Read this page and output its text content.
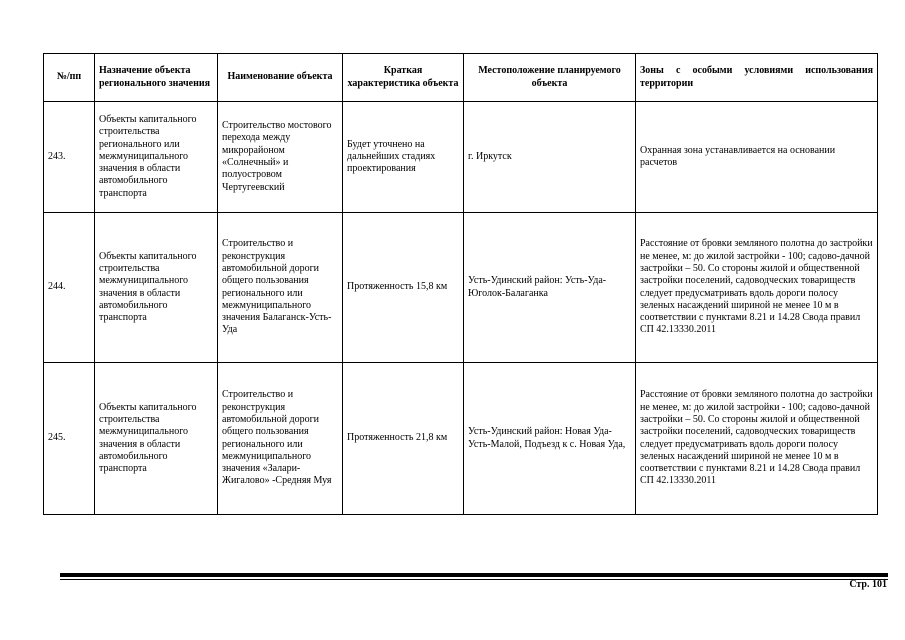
№/пп	Назначение объекта регионального значения	Наименование объекта	Краткая характеристика объекта	Местоположение планируемого объекта	Зоны с особыми условиями использования территории
243.	Объекты капитального строительства регионального или межмуниципального значения в области автомобильного транспорта	Строительство мостового перехода между микрорайоном «Солнечный» и полуостровом Чертугеевский	Будет уточнено на дальнейших стадиях проектирования	г. Иркутск	Охранная зона устанавливается на основании расчетов
244.	Объекты капитального строительства межмуниципального значения в области автомобильного транспорта	Строительство и реконструкция автомобильной дороги общего пользования регионального или межмуниципального значения Балаганск-Усть-Уда	Протяженность 15,8 км	Усть-Удинский район: Усть-Уда-Юголок-Балаганка	Расстояние от бровки земляного полотна до застройки не менее, м: до жилой застройки - 100; садово-дачной застройки – 50. Со стороны жилой и общественной застройки поселений, садоводческих товариществ следует предусматривать вдоль дороги полосу зеленых насаждений шириной не менее 10 м в соответствии с пунктами 8.21 и 14.28 Свода правил СП 42.13330.2011
245.	Объекты капитального строительства межмуниципального значения в области автомобильного транспорта	Строительство и реконструкция автомобильной дороги общего пользования регионального или межмуниципального значения «Залари-Жигалово» -Средняя Муя	Протяженность 21,8 км	Усть-Удинский район: Новая Уда-Усть-Малой, Подъезд к с. Новая Уда,	Расстояние от бровки земляного полотна до застройки не менее, м: до жилой застройки - 100; садово-дачной застройки – 50. Со стороны жилой и общественной застройки поселений, садоводческих товариществ следует предусматривать вдоль дороги полосу зеленых насаждений шириной не менее 10 м в соответствии с пунктами 8.21 и 14.28 Свода правил СП 42.13330.2011
Стр. 101
